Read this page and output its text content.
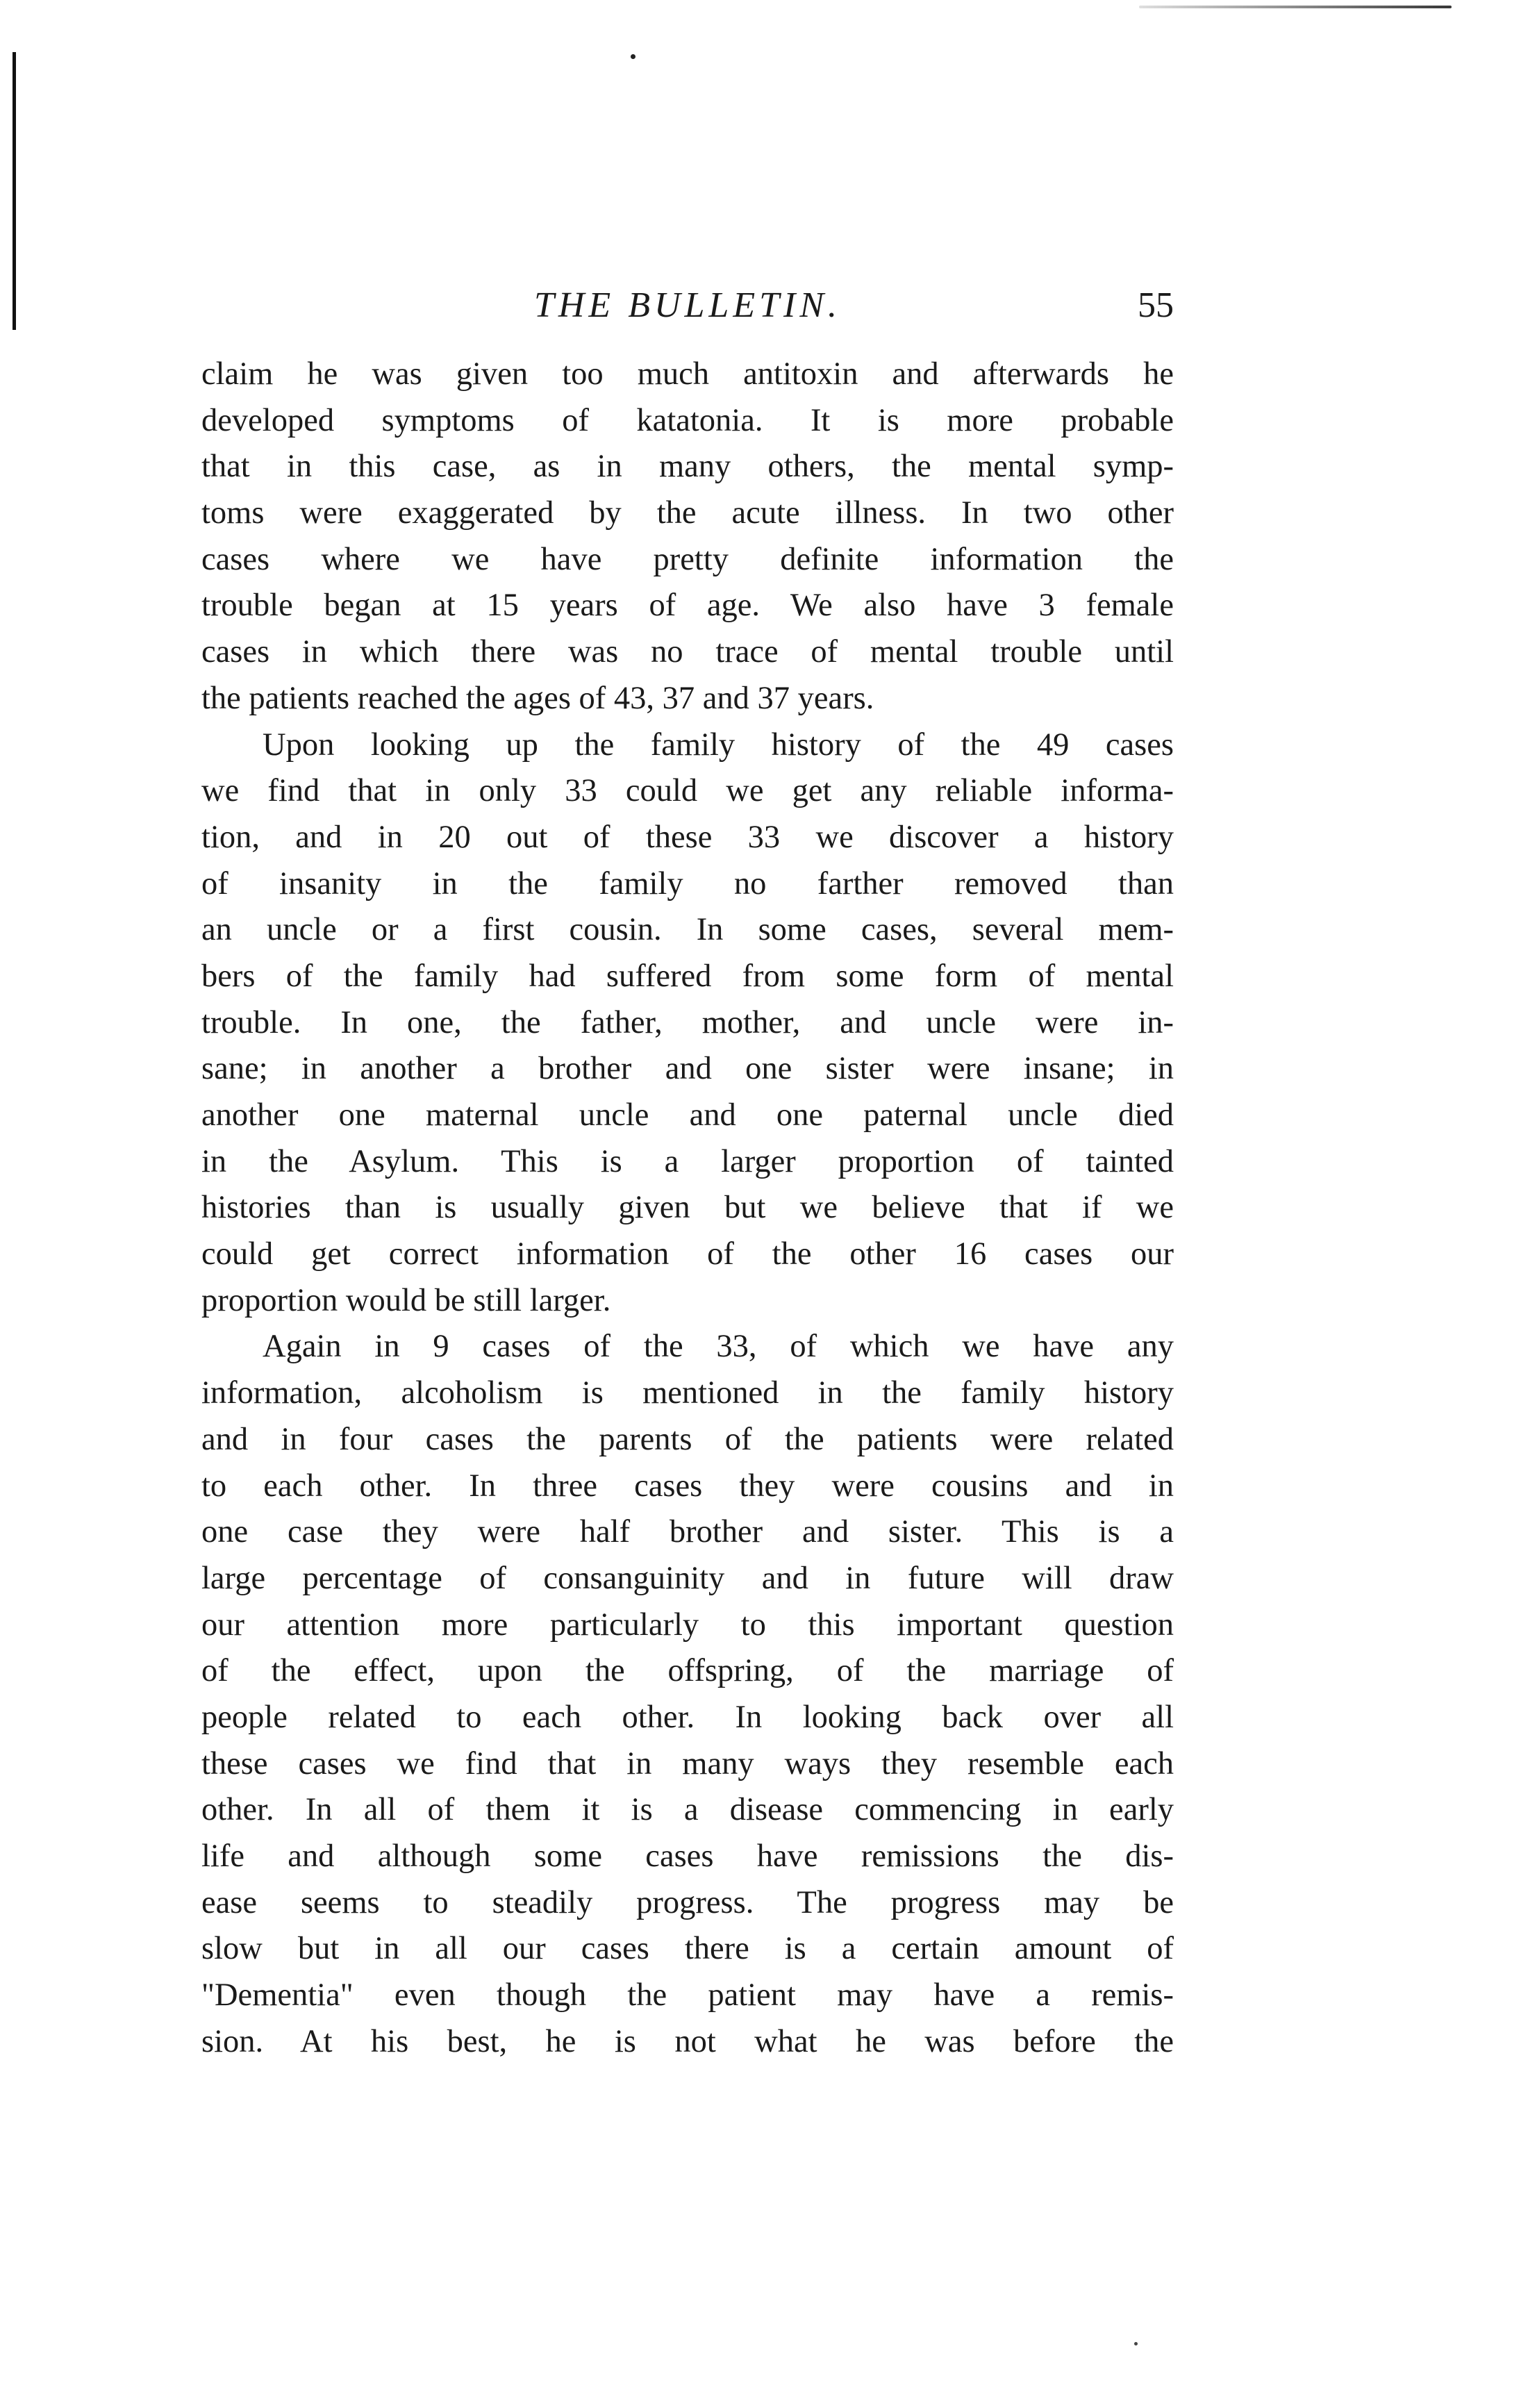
THE BULLETIN.	55
claim he was given too much antitoxin and afterwards he
developed symptoms of katatonia. It is more probable
that in this case, as in many others, the mental symp-
toms were exaggerated by the acute illness. In two other
cases where we have pretty definite information the
trouble began at 15 years of age. We also have 3 female
cases in which there was no trace of mental trouble until
the patients reached the ages of 43, 37 and 37 years.
Upon looking up the family history of the 49 cases
we find that in only 33 could we get any reliable informa-
tion, and in 20 out of these 33 we discover a history
of insanity in the family no farther removed than
an uncle or a first cousin. In some cases, several mem-
bers of the family had suffered from some form of mental
trouble. In one, the father, mother, and uncle were in-
sane; in another a brother and one sister were insane; in
another one maternal uncle and one paternal uncle died
in the Asylum. This is a larger proportion of tainted
histories than is usually given but we believe that if we
could get correct information of the other 16 cases our
proportion would be still larger.
Again in 9 cases of the 33, of which we have any
information, alcoholism is mentioned in the family history
and in four cases the parents of the patients were related
to each other. In three cases they were cousins and in
one case they were half brother and sister. This is a
large percentage of consanguinity and in future will draw
our attention more particularly to this important question
of the effect, upon the offspring, of the marriage of
people related to each other. In looking back over all
these cases we find that in many ways they resemble each
other. In all of them it is a disease commencing in early
life and although some cases have remissions the dis-
ease seems to steadily progress. The progress may be
slow but in all our cases there is a certain amount of
"Dementia" even though the patient may have a remis-
sion. At his best, he is not what he was before the
